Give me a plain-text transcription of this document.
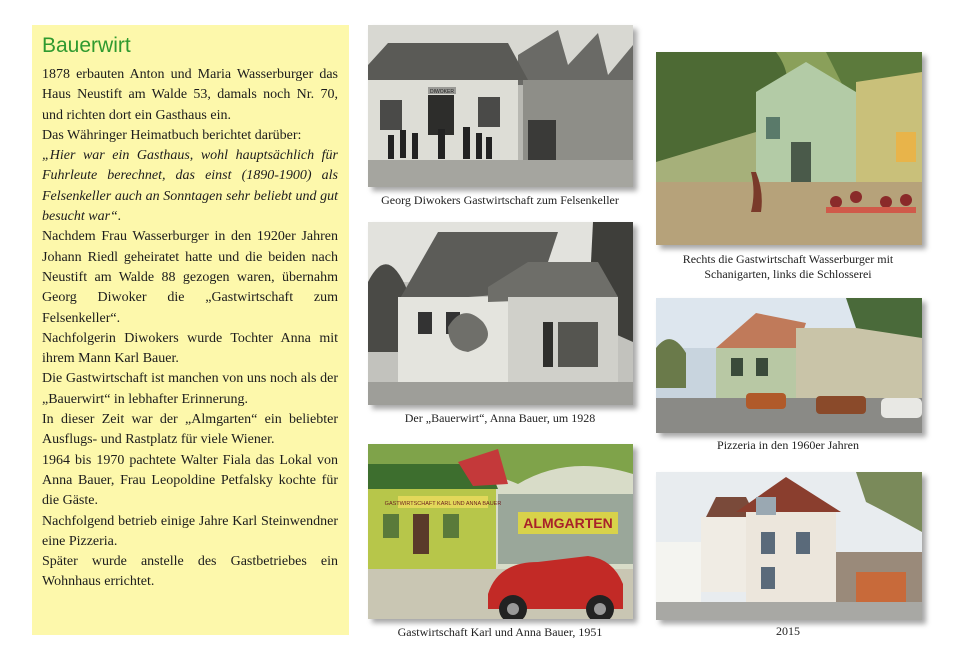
Bauerwirt

1878 erbauten Anton und Maria Wasserburger das Haus Neustift am Walde 53, damals noch Nr. 70, und richten dort ein Gasthaus ein.

Das Währinger Heimatbuch berichtet darüber:

„Hier war ein Gasthaus, wohl hauptsächlich für Fuhrleute berechnet, das einst (1890-1900) als Felsenkeller auch an Sonntagen sehr beliebt und gut besucht war“.

Nachdem Frau Wasserburger in den 1920er Jahren Johann Riedl geheiratet hatte und die beiden nach Neustift am Walde 88 gezogen waren, übernahm Georg Diwoker die „Gastwirtschaft zum Felsenkeller“.

Nachfolgerin Diwokers wurde Tochter Anna mit ihrem Mann Karl Bauer.

Die Gastwirtschaft ist manchen von uns noch als der „Bauerwirt“ in lebhafter Erinnerung.

In dieser Zeit war der „Almgarten“ ein beliebter Ausflugs- und Rastplatz für viele Wiener.

1964 bis 1970 pachtete Walter Fiala das Lokal von Anna Bauer, Frau Leopoldine Petfalsky kochte für die Gäste.

Nachfolgend betrieb einige Jahre Karl Steinwendner eine Pizzeria.

Später wurde anstelle des Gastbetriebes ein Wohnhaus errichtet.

DIWOKER
Georg Diwokers Gastwirtschaft zum Felsenkeller
Der „Bauerwirt“, Anna Bauer, um 1928
ALMGARTEN
GASTWIRTSCHAFT KARL UND ANNA BAUER
Gastwirtschaft Karl und Anna Bauer, 1951
Rechts die Gastwirtschaft Wasserburger mit
Schanigarten, links die Schlosserei
Pizzeria in den 1960er Jahren
2015
